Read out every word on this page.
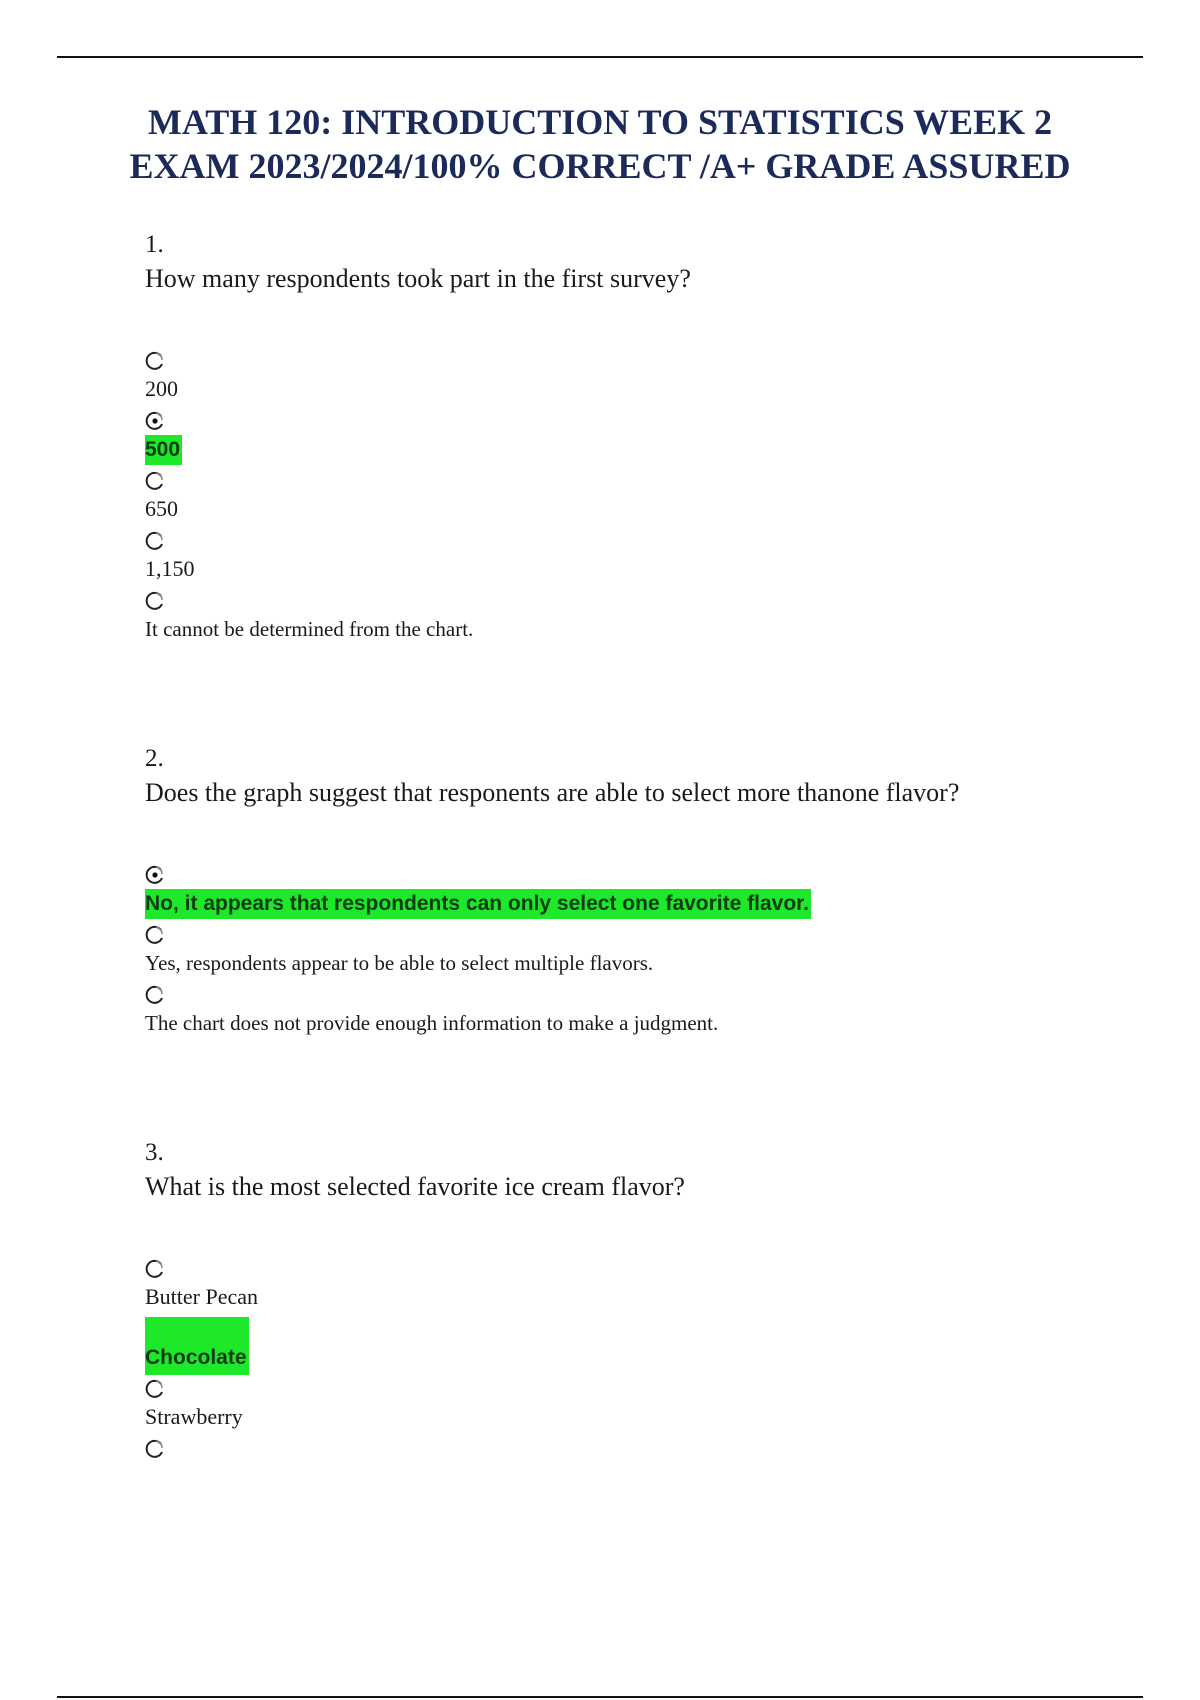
MATH 120: INTRODUCTION TO STATISTICS WEEK 2
EXAM 2023/2024/100% CORRECT /A+ GRADE ASSURED
1.
How many respondents took part in the first survey?
200
500
650
1,150
It cannot be determined from the chart.
2.
Does the graph suggest that responents are able to select more thanone flavor?
No, it appears that respondents can only select one favorite flavor.
Yes, respondents appear to be able to select multiple flavors.
The chart does not provide enough information to make a judgment.
3.
What is the most selected favorite ice cream flavor?
Butter Pecan
Chocolate
Strawberry
